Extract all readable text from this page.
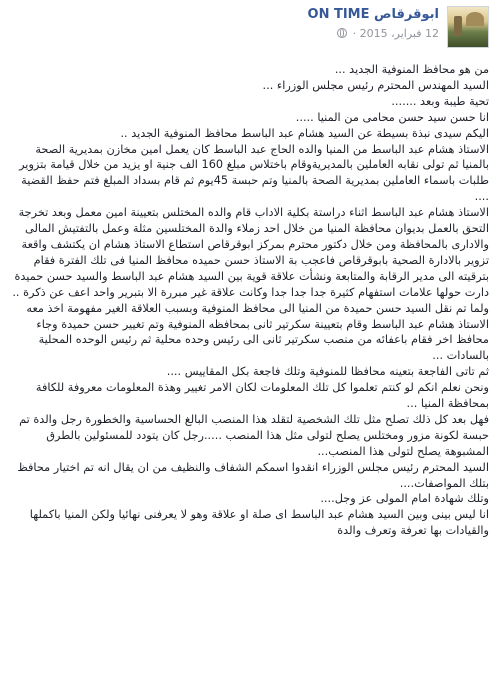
ابوقرقاص ON TIME
· 12 فبراير، 2015

من هو محافظ المنوفية الجديد ...

السيد المهندس المحترم رئيس مجلس الوزراء ...

تحية طيبة وبعد .......

انا حسن سيد حسن محامى من المنيا .....

اليكم سيدى نبذة بسيطة عن السيد هشام عبد الباسط محافظ المنوفية الجديد ..

الاستاذ هشام عبد الباسط من المنيا والده الحاج عبد الباسط كان يعمل امين مخازن بمديرية الصحة بالمنيا ثم تولى نقابه العاملين بالمديريةوقام باختلاس مبلغ 160 الف جنية او يزيد من خلال قيامة بتزوير طلبات باسماء العاملين بمديرية الصحة بالمنيا وتم حبسة 45يوم ثم قام بسداد المبلغ فتم حفظ القضية ....

الاستاذ هشام عبد الباسط اثناء دراستة بكلية الاداب قام والده المختلس بتعيينة امين معمل وبعد تخرجة التحق بالعمل بديوان محافظة المنيا من خلال احد زملاء والدة المختلسين مثلة وعمل بالتفتيش المالى والادارى بالمحافظة ومن خلال دكتور محترم بمركز ابوقرقاص استطاع الاستاذ هشام ان يكتشف واقعة تزوير بالادارة الصحية بابوقرقاص فاعجب بة الاستاذ حسن حميده محافظ المنيا فى تلك الفترة فقام بترقيته الى مدير الرقابة والمتابعة ونشأت علاقة قوية بين السيد هشام عبد الباسط والسيد حسن حميدة دارت حولها علامات استفهام كثيرة جدا جدا جدا وكانت علاقة غير مبررة الا بتبرير واحد اعف عن ذكرة ..

ولما تم نقل السيد حسن حميدة من المنيا الى محافظ المنوفية وبسبب العلاقة الغير مفهومة اخذ معه الاستاذ هشام عبد الباسط وقام بتعيينة سكرتير ثانى بمحافظه المنوفية وتم تغيير حسن حميدة وجاء محافظ اخر فقام باعفائه من منصب سكرتير ثانى الى رئيس وحده محلية ثم رئيس الوحده المحلية بالسادات ...

ثم تاتى الفاجعة بتعينه محافظا للمنوفية وتلك فاجعة بكل المقاييس ....

ونحن نعلم انكم لو كنتم تعلموا كل تلك المعلومات لكان الامر تغيير وهذة المعلومات معروفة للكافة بمحافظة المنيا ...

فهل بعد كل ذلك تصلح مثل تلك الشخصية لتقلد هذا المنصب البالغ الحساسية والخطورة رجل والدة تم حبسة لكونة مزور ومختلس يصلح لتولى مثل هذا المنصب .....رجل كان يتودد للمسئولين بالطرق المشبوهة يصلح لتولى هذا المنصب...

السيد المحترم رئيس مجلس الوزراء انقدوا اسمكم الشفاف والنظيف من ان يقال انه تم اختيار محافظ بتلك المواصفات....

وتلك شهادة امام المولى عز وجل....

انا ليس بينى وبين السيد هشام عبد الباسط اى صلة او علاقة وهو لا يعرفنى نهائيا ولكن المنيا باكملها والقيادات بها تعرفة وتعرف والدة
